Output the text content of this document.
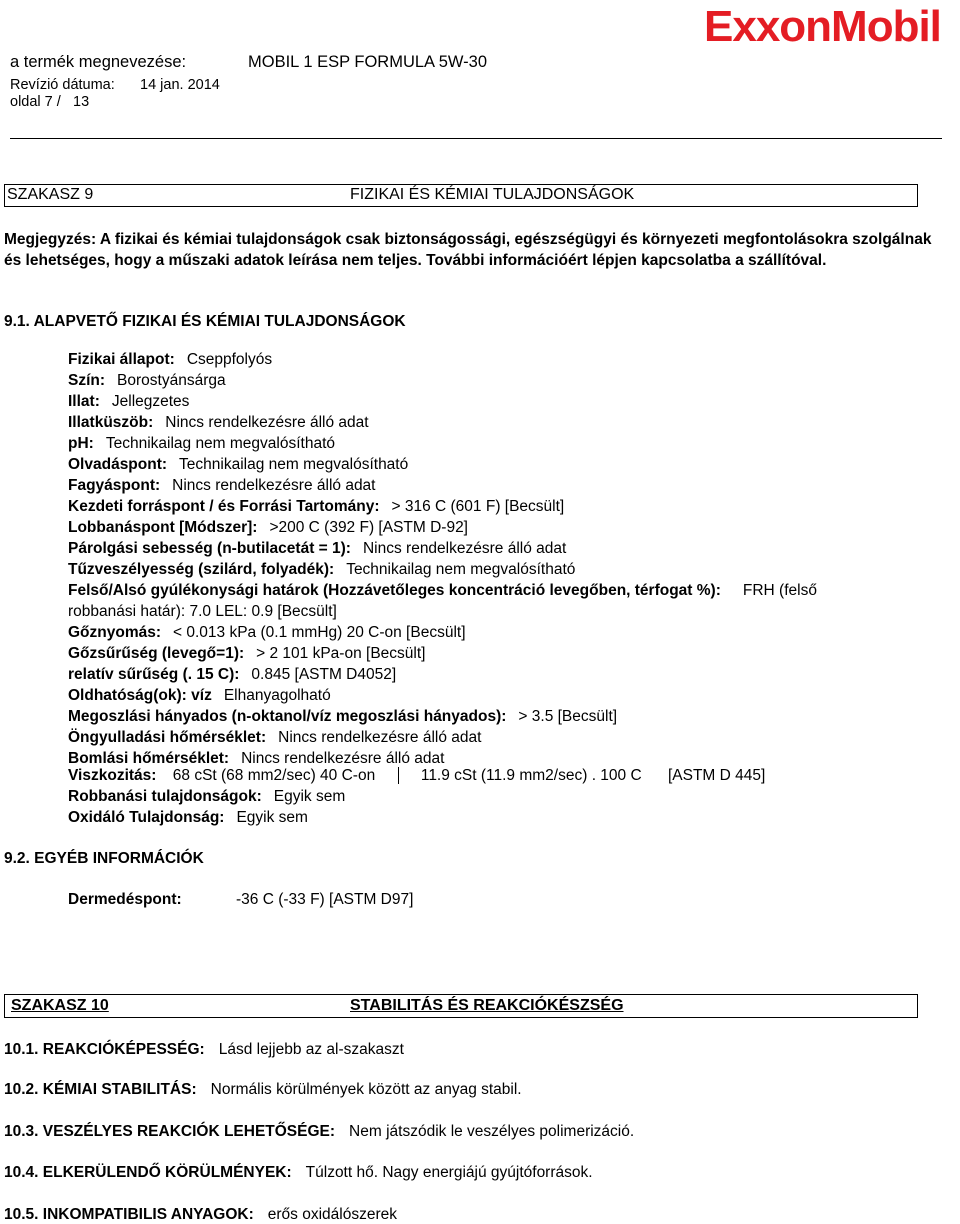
a termék megnevezése:	MOBIL 1 ESP FORMULA 5W-30
Revízió dátuma: 14 jan. 2014
oldal 7 / 13
ExxonMobil
SZAKASZ 9	FIZIKAI ÉS KÉMIAI TULAJDONSÁGOK
Megjegyzés: A fizikai és kémiai tulajdonságok csak biztonságossági, egészségügyi és környezeti megfontolásokra szolgálnak és lehetséges, hogy a műszaki adatok leírása nem teljes. További információért lépjen kapcsolatba a szállítóval.
9.1. ALAPVETŐ FIZIKAI ÉS KÉMIAI TULAJDONSÁGOK
Fizikai állapot: Cseppfolyós
Szín: Borostyánsárga
Illat: Jellegzetes
Illatküszöb: Nincs rendelkezésre álló adat
pH: Technikailag nem megvalósítható
Olvadáspont: Technikailag nem megvalósítható
Fagyáspont: Nincs rendelkezésre álló adat
Kezdeti forráspont / és Forrási Tartomány: > 316 C (601 F) [Becsült]
Lobbanáspont [Módszer]: >200 C (392 F) [ASTM D-92]
Párolgási sebesség (n-butilacetát = 1): Nincs rendelkezésre álló adat
Tűzveszélyesség (szilárd, folyadék): Technikailag nem megvalósítható
Felső/Alsó gyúlékonysági határok (Hozzávetőleges koncentráció levegőben, térfogat %): FRH (felső
robbanási határ): 7.0 LEL: 0.9 [Becsült]
Gőznyomás: < 0.013 kPa (0.1 mmHg) 20 C-on [Becsült]
Gőzsűrűség (levegő=1): > 2 101 kPa-on [Becsült]
relatív sűrűség (. 15 C): 0.845 [ASTM D4052]
Oldhatóság(ok): víz Elhanyagolható
Megoszlási hányados (n-oktanol/víz megoszlási hányados): > 3.5 [Becsült]
Öngyulladási hőmérséklet: Nincs rendelkezésre álló adat
Bomlási hőmérséklet: Nincs rendelkezésre álló adat
Viszkozitás: 68 cSt (68 mm2/sec) 40 C-on	11.9 cSt (11.9 mm2/sec) . 100 C [ASTM D 445]
Robbanási tulajdonságok: Egyik sem
Oxidáló Tulajdonság: Egyik sem
9.2. EGYÉB INFORMÁCIÓK
Dermedéspont:	-36 C (-33 F) [ASTM D97]
SZAKASZ 10	STABILITÁS ÉS REAKCIÓKÉSZSÉG
10.1. REAKCIÓKÉPESSÉG: Lásd lejjebb az al-szakaszt
10.2. KÉMIAI STABILITÁS: Normális körülmények között az anyag stabil.
10.3. VESZÉLYES REAKCIÓK LEHETŐSÉGE: Nem játszódik le veszélyes polimerizáció.
10.4. ELKERÜLENDŐ KÖRÜLMÉNYEK: Túlzott hő. Nagy energiájú gyújtóforrások.
10.5. INKOMPATIBILIS ANYAGOK: erős oxidálószerek
